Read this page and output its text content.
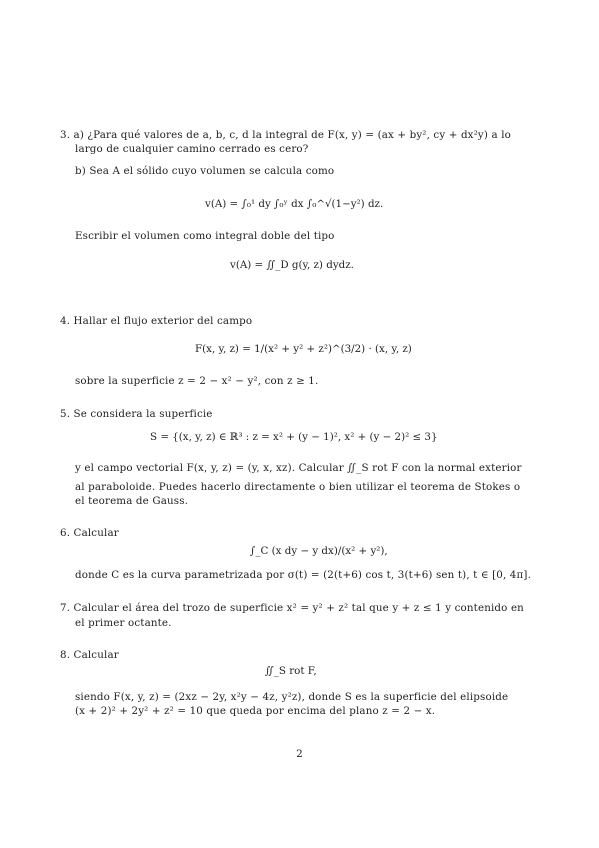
3. a) ¿Para qué valores de a, b, c, d la integral de F(x, y) = (ax + by², cy + dx²y) a lo
largo de cualquier camino cerrado es cero?
b) Sea A el sólido cuyo volumen se calcula como
v(A) = ∫₀¹ dy ∫₀ʸ dx ∫₀^√(1−y²) dz.
Escribir el volumen como integral doble del tipo
v(A) = ∬_D g(y, z) dydz.
4. Hallar el flujo exterior del campo
F(x, y, z) = 1/(x² + y² + z²)^(3/2) · (x, y, z)
sobre la superficie z = 2 − x² − y², con z ≥ 1.
5. Se considera la superficie
S = {(x, y, z) ∈ ℝ³ : z = x² + (y − 1)², x² + (y − 2)² ≤ 3}
y el campo vectorial F(x, y, z) = (y, x, xz). Calcular ∬_S rot F con la normal exterior
al paraboloide. Puedes hacerlo directamente o bien utilizar el teorema de Stokes o
el teorema de Gauss.
6. Calcular
∫_C (x dy − y dx)/(x² + y²),
donde C es la curva parametrizada por σ(t) = (2(t+6) cos t, 3(t+6) sen t), t ∈ [0, 4π].
7. Calcular el área del trozo de superficie x² = y² + z² tal que y + z ≤ 1 y contenido en
el primer octante.
8. Calcular
∬_S rot F,
siendo F(x, y, z) = (2xz − 2y, x²y − 4z, y²z), donde S es la superficie del elipsoide
(x + 2)² + 2y² + z² = 10 que queda por encima del plano z = 2 − x.
2
